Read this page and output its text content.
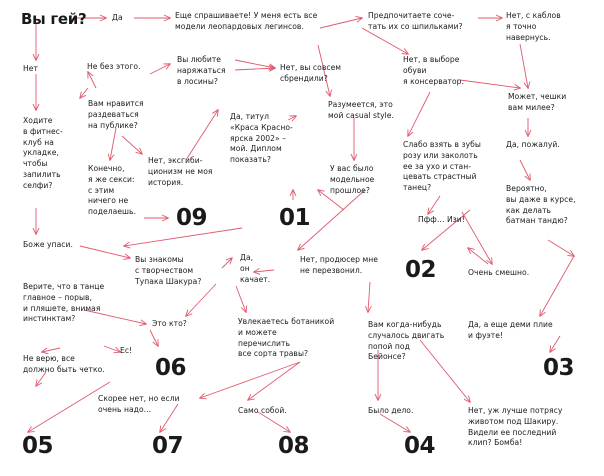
Вы гей?	Да	Еще спрашиваете! У меня есть все
модели леопардовых легинсов.
Предпочитаете соче-
тать их со шпильками?
Нет, с каблов
я точно
навернусь.
Нет	Не без этого.
Вы любите
наряжаться
в лосины?
Нет, вы совсем
сбрендили?
Нет, в выборе
обуви
я консерватор.
Ходите
в фитнес-
клуб на
укладке,
чтобы
запилить
селфи?
Вам нравится
раздеваться
на публике?
Да, титул
«Краса Красно-
ярска 2002» –
мой. Диплом
показать?
Разумеется, это
мой casual style.
Может, чешки
вам милее?
Да, пожалуй.
Конечно,
я же секси:
с этим
ничего не
поделаешь.
Нет, эксгиби-
ционизм не моя
история.
У вас было
модельное
прошлое?
Слабо взять в зубы
розу или заколоть
ее за ухо и стан-
цевать страстный
танец?	Вероятно,
вы даже в курсе,
как делать
батман тандю?
09	01	Пфф… Изи!
Боже упаси.
Вы знакомы
с творчеством
Тупака Шакура?
Да,
он
качает.
Нет, продюсер мне
не перезвонил.	02	Очень смешно.
Верите, что в танце
главное – порыв,
и пляшете, внимая
инстинктам?
Это кто?	Увлекаетесь ботаникой
и можете
перечислить
все сорта травы?
Вам когда-нибудь
случалось двигать
попой под
Бейонсе?
Да, а еще деми плие
и фуэте!
Ес!
Не верю, все
должно быть четко. 06	03
Скорее нет, но если
очень надо…	Само собой.	Было дело.	Нет, уж лучше потрясу
животом под Шакиру.
Видели ее последний
клип? Бомба!
05	07	08	04
